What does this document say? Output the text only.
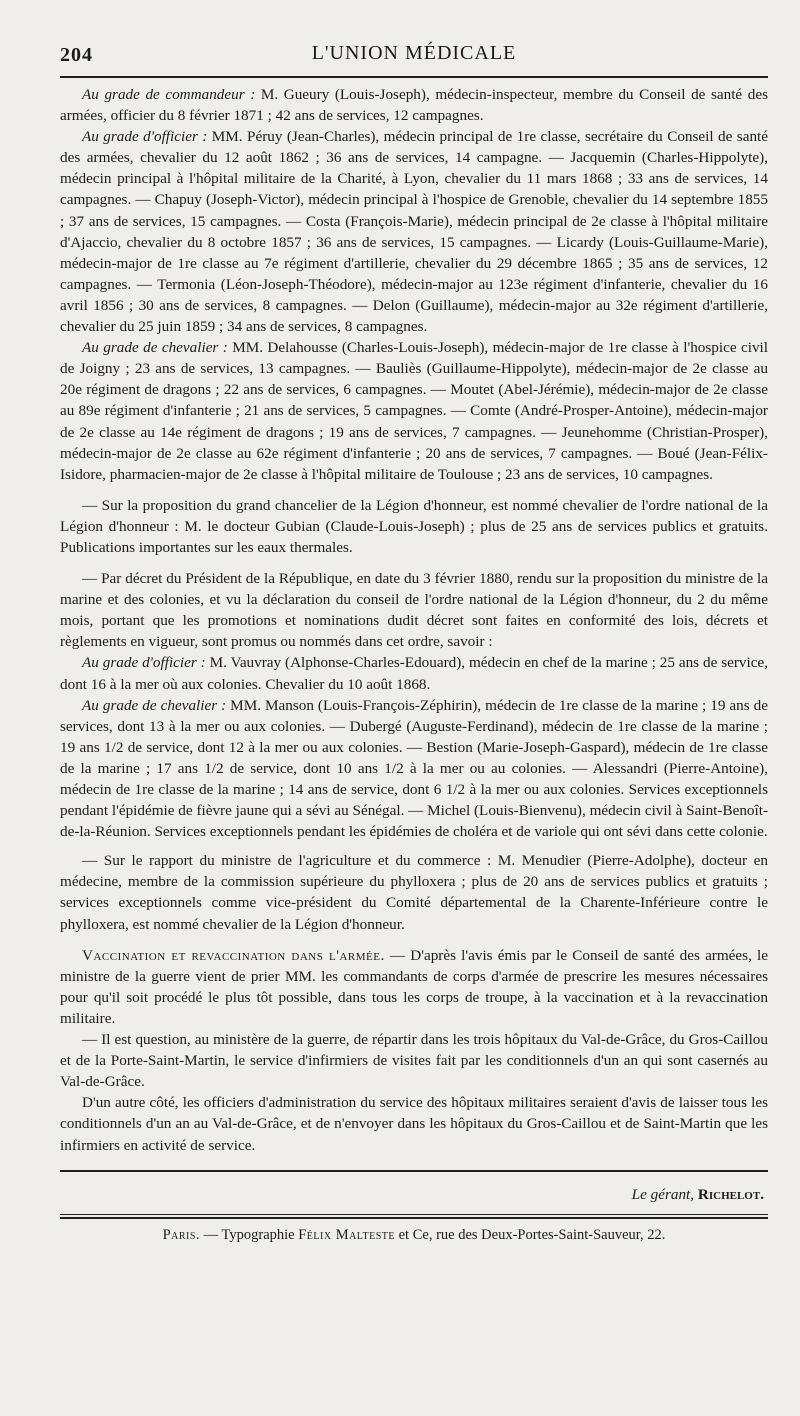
204	L'UNION MÉDICALE

Au grade de commandeur : M. Gueury (Louis-Joseph), médecin-inspecteur, membre du Conseil de santé des armées, officier du 8 février 1871 ; 42 ans de services, 12 campagnes.

Au grade d'officier : MM. Péruy (Jean-Charles), médecin principal de 1re classe, secrétaire du Conseil de santé des armées, chevalier du 12 août 1862 ; 36 ans de services, 14 campagne. — Jacquemin (Charles-Hippolyte), médecin principal à l'hôpital militaire de la Charité, à Lyon, chevalier du 11 mars 1868 ; 33 ans de services, 14 campagnes. — Chapuy (Joseph-Victor), médecin principal à l'hospice de Grenoble, chevalier du 14 septembre 1855 ; 37 ans de services, 15 campagnes. — Costa (François-Marie), médecin principal de 2e classe à l'hôpital militaire d'Ajaccio, chevalier du 8 octobre 1857 ; 36 ans de services, 15 campagnes. — Licardy (Louis-Guillaume-Marie), médecin-major de 1re classe au 7e régiment d'artillerie, chevalier du 29 décembre 1865 ; 35 ans de services, 12 campagnes. — Termonia (Léon-Joseph-Théodore), médecin-major au 123e régiment d'infanterie, chevalier du 16 avril 1856 ; 30 ans de services, 8 campagnes. — Delon (Guillaume), médecin-major au 32e régiment d'artillerie, chevalier du 25 juin 1859 ; 34 ans de services, 8 campagnes.

Au grade de chevalier : MM. Delahousse (Charles-Louis-Joseph), médecin-major de 1re classe à l'hospice civil de Joigny ; 23 ans de services, 13 campagnes. — Bauliès (Guillaume-Hippolyte), médecin-major de 2e classe au 20e régiment de dragons ; 22 ans de services, 6 campagnes. — Moutet (Abel-Jérémie), médecin-major de 2e classe au 89e régiment d'infanterie ; 21 ans de services, 5 campagnes. — Comte (André-Prosper-Antoine), médecin-major de 2e classe au 14e régiment de dragons ; 19 ans de services, 7 campagnes. — Jeunehomme (Christian-Prosper), médecin-major de 2e classe au 62e régiment d'infanterie ; 20 ans de services, 7 campagnes. — Boué (Jean-Félix-Isidore, pharmacien-major de 2e classe à l'hôpital militaire de Toulouse ; 23 ans de services, 10 campagnes.

— Sur la proposition du grand chancelier de la Légion d'honneur, est nommé chevalier de l'ordre national de la Légion d'honneur : M. le docteur Gubian (Claude-Louis-Joseph) ; plus de 25 ans de services publics et gratuits. Publications importantes sur les eaux thermales.

— Par décret du Président de la République, en date du 3 février 1880, rendu sur la proposition du ministre de la marine et des colonies, et vu la déclaration du conseil de l'ordre national de la Légion d'honneur, du 2 du même mois, portant que les promotions et nominations dudit décret sont faites en conformité des lois, décrets et règlements en vigueur, sont promus ou nommés dans cet ordre, savoir :

Au grade d'officier : M. Vauvray (Alphonse-Charles-Edouard), médecin en chef de la marine ; 25 ans de service, dont 16 à la mer où aux colonies. Chevalier du 10 août 1868.

Au grade de chevalier : MM. Manson (Louis-François-Zéphirin), médecin de 1re classe de la marine ; 19 ans de services, dont 13 à la mer ou aux colonies. — Dubergé (Auguste-Ferdinand), médecin de 1re classe de la marine ; 19 ans 1/2 de service, dont 12 à la mer ou aux colonies. — Bestion (Marie-Joseph-Gaspard), médecin de 1re classe de la marine ; 17 ans 1/2 de service, dont 10 ans 1/2 à la mer ou au colonies. — Alessandri (Pierre-Antoine), médecin de 1re classe de la marine ; 14 ans de service, dont 6 1/2 à la mer ou aux colonies. Services exceptionnels pendant l'épidémie de fièvre jaune qui a sévi au Sénégal. — Michel (Louis-Bienvenu), médecin civil à Saint-Benoît-de-la-Réunion. Services exceptionnels pendant les épidémies de choléra et de variole qui ont sévi dans cette colonie.

— Sur le rapport du ministre de l'agriculture et du commerce : M. Menudier (Pierre-Adolphe), docteur en médecine, membre de la commission supérieure du phylloxera ; plus de 20 ans de services publics et gratuits ; services exceptionnels comme vice-président du Comité départemental de la Charente-Inférieure contre le phylloxera, est nommé chevalier de la Légion d'honneur.

Vaccination et revaccination dans l'armée. — D'après l'avis émis par le Conseil de santé des armées, le ministre de la guerre vient de prier MM. les commandants de corps d'armée de prescrire les mesures nécessaires pour qu'il soit procédé le plus tôt possible, dans tous les corps de troupe, à la vaccination et à la revaccination militaire.

— Il est question, au ministère de la guerre, de répartir dans les trois hôpitaux du Val-de-Grâce, du Gros-Caillou et de la Porte-Saint-Martin, le service d'infirmiers de visites fait par les conditionnels d'un an qui sont casernés au Val-de-Grâce.

D'un autre côté, les officiers d'administration du service des hôpitaux militaires seraient d'avis de laisser tous les conditionnels d'un an au Val-de-Grâce, et de n'envoyer dans les hôpitaux du Gros-Caillou et de Saint-Martin que les infirmiers en activité de service.

Le gérant, Richelot.
Paris. — Typographie Félix Malteste et Ce, rue des Deux-Portes-Saint-Sauveur, 22.
